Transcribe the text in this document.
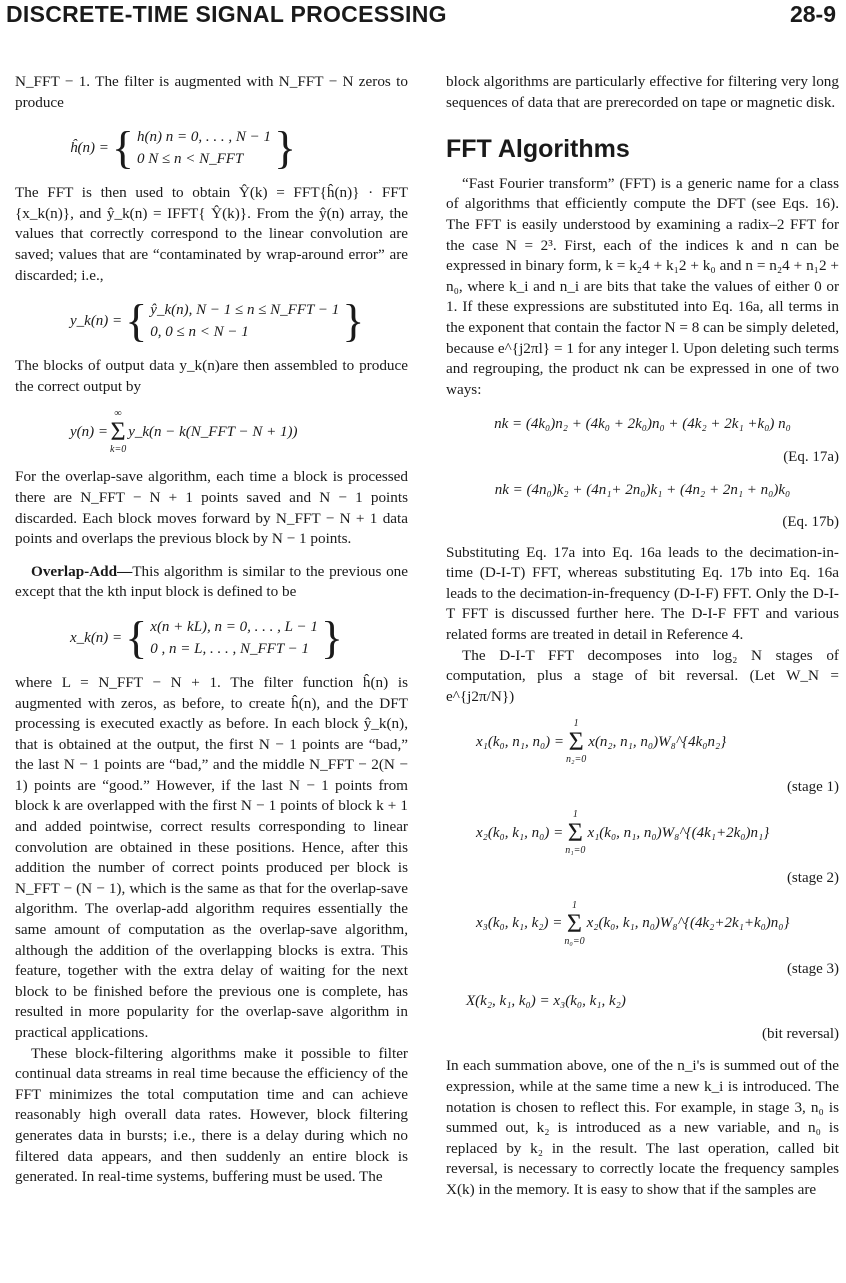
DISCRETE-TIME SIGNAL PROCESSING	28-9

N_FFT − 1. The filter is augmented with N_FFT − N zeros to produce

ĥ(n) = { h(n) n = 0, . . . , N − 1
0 N ≤ n < N_FFT }

The FFT is then used to obtain Ŷ(k) = FFT{ĥ(n)} · FFT {x_k(n)}, and ŷ_k(n) = IFFT{ Ŷ(k)}. From the ŷ(n) array, the values that correctly correspond to the linear convolution are saved; values that are “contaminated by wrap-around error” are discarded; i.e.,

y_k(n) = { ŷ_k(n), N − 1 ≤ n ≤ N_FFT − 1
0, 0 ≤ n < N − 1	}

The blocks of output data y_k(n)are then assembled to produce the correct output by

y(n) =
∞
Σ
k=0
y_k(n − k(N_FFT − N + 1))

For the overlap-save algorithm, each time a block is processed there are N_FFT − N + 1 points saved and N − 1 points discarded. Each block moves forward by N_FFT − N + 1 data points and overlaps the previous block by N − 1 points.

Overlap-Add—This algorithm is similar to the previous one except that the kth input block is defined to be

x_k(n) = { x(n + kL), n = 0, . . . , L − 1
0 , n = L, . . . , N_FFT − 1 }

where L = N_FFT − N + 1. The filter function ĥ(n) is augmented with zeros, as before, to create ĥ(n), and the DFT processing is executed exactly as before. In each block ŷ_k(n), that is obtained at the output, the first N − 1 points are “bad,” the last N − 1 points are “bad,” and the middle N_FFT − 2(N − 1) points are “good.” However, if the last N − 1 points from block k are overlapped with the first N − 1 points of block k + 1 and added pointwise, correct results corresponding to linear convolution are obtained in these positions. Hence, after this addition the number of correct points produced per block is N_FFT − (N − 1), which is the same as that for the overlap-save algorithm. The overlap-add algorithm requires essentially the same amount of computation as the overlap-save algorithm, although the addition of the overlapping blocks is extra. This feature, together with the extra delay of waiting for the next block to be finished before the previous one is complete, has resulted in more popularity for the overlap-save algorithm in practical applications.

These block-filtering algorithms make it possible to filter continual data streams in real time because the efficiency of the FFT minimizes the total computation time and can achieve reasonably high overall data rates. However, block filtering generates data in bursts; i.e., there is a delay during which no filtered data appears, and then suddenly an entire block is generated. In real-time systems, buffering must be used. The

block algorithms are particularly effective for filtering very long sequences of data that are prerecorded on tape or magnetic disk.

FFT Algorithms

“Fast Fourier transform” (FFT) is a generic name for a class of algorithms that efficiently compute the DFT (see Eqs. 16). The FFT is easily understood by examining a radix–2 FFT for the case N = 2³. First, each of the indices k and n can be expressed in binary form, k = k₂4 + k₁2 + k₀ and n = n₂4 + n₁2 + n₀, where k_i and n_i are bits that take the values of either 0 or 1. If these expressions are substituted into Eq. 16a, all terms in the exponent that contain the factor N = 8 can be simply deleted, because e^{j2πl} = 1 for any integer l. Upon deleting such terms and regrouping, the product nk can be expressed in one of two ways:

nk = (4k₀)n₂ + (4k₀ + 2k₀)n₀ + (4k₂ + 2k₁ +k₀) n₀
(Eq. 17a)
nk = (4n₀)k₂ + (4n₁+ 2n₀)k₁ + (4n₂ + 2n₁ + n₀)k₀
(Eq. 17b)

Substituting Eq. 17a into Eq. 16a leads to the decimation-in-time (D-I-T) FFT, whereas substituting Eq. 17b into Eq. 16a leads to the decimation-in-frequency (D-I-F) FFT. Only the D-I-T FFT is discussed further here. The D-I-F FFT and various related forms are treated in detail in Reference 4.

The D-I-T FFT decomposes into log₂ N stages of computation, plus a stage of bit reversal. (Let W_N = e^{j2π/N})

x₁(k₀, n₁, n₀) =
1
Σ
n₂=0
x(n₂, n₁, n₀)W₈^{4k₀n₂}
(stage 1)
x₂(k₀, k₁, n₀) =
1
Σ
n₁=0
x₁(k₀, n₁, n₀)W₈^{(4k₁+2k₀)n₁}
(stage 2)
x₃(k₀, k₁, k₂) =
1
Σ
n₀=0
x₂(k₀, k₁, n₀)W₈^{(4k₂+2k₁+k₀)n₀}
(stage 3)
X(k₂, k₁, k₀) = x₃(k₀, k₁, k₂)
(bit reversal)

In each summation above, one of the n_i's is summed out of the expression, while at the same time a new k_i is introduced. The notation is chosen to reflect this. For example, in stage 3, n₀ is summed out, k₂ is introduced as a new variable, and n₀ is replaced by k₂ in the result. The last operation, called bit reversal, is necessary to correctly locate the frequency samples X(k) in the memory. It is easy to show that if the samples are
